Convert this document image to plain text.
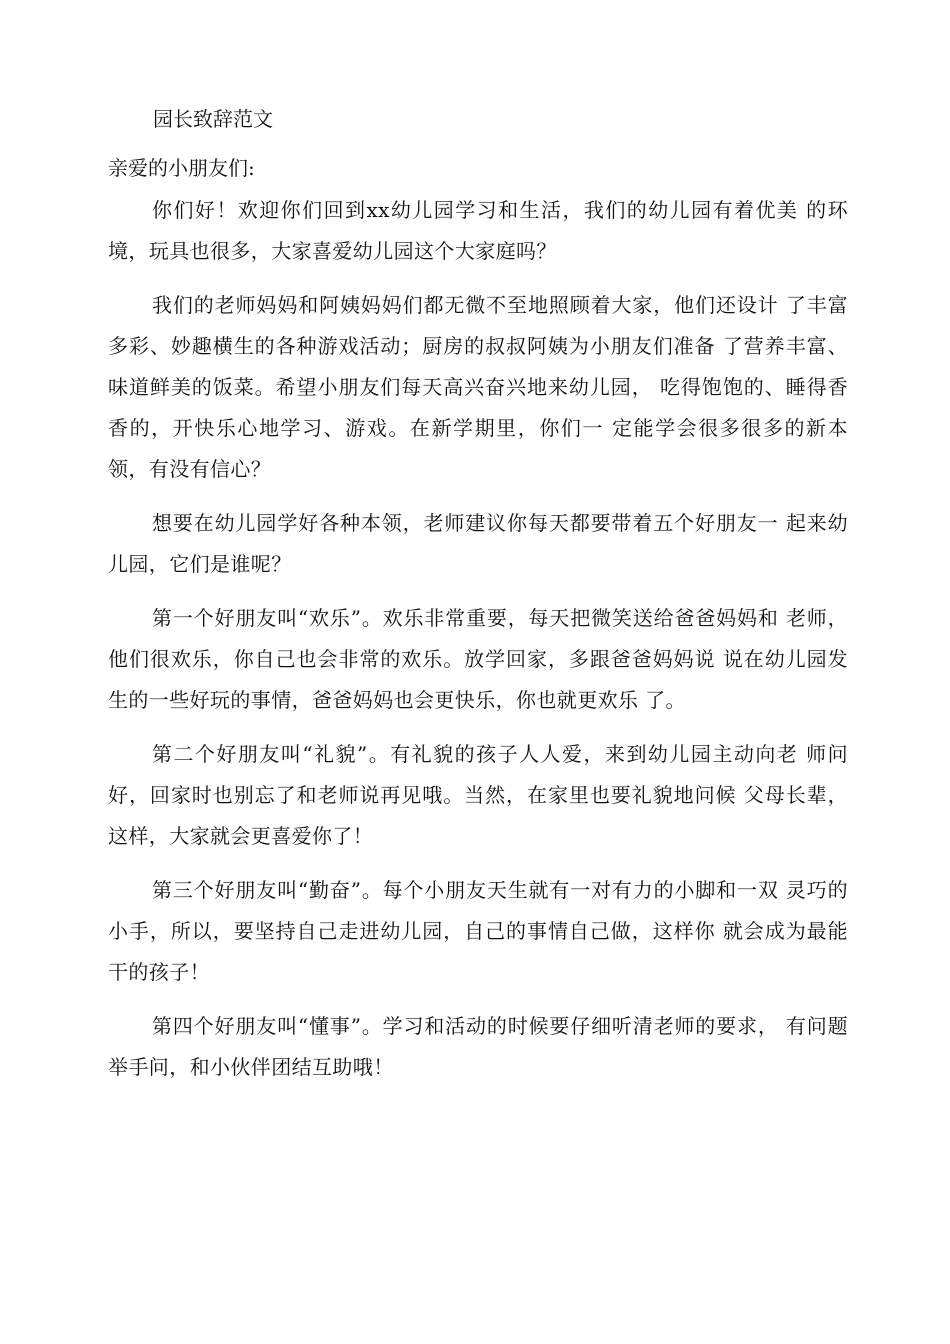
园长致辞范文
亲爱的小朋友们:

你们好！欢迎你们回到xx幼儿园学习和生活，我们的幼儿园有着优美 的环境，玩具也很多，大家喜爱幼儿园这个大家庭吗？

我们的老师妈妈和阿姨妈妈们都无微不至地照顾着大家，他们还设计 了丰富多彩、妙趣横生的各种游戏活动；厨房的叔叔阿姨为小朋友们准备 了营养丰富、味道鲜美的饭菜。希望小朋友们每天高兴奋兴地来幼儿园， 吃得饱饱的、睡得香香的，开快乐心地学习、游戏。在新学期里，你们一 定能学会很多很多的新本领，有没有信心？

想要在幼儿园学好各种本领，老师建议你每天都要带着五个好朋友一 起来幼儿园，它们是谁呢？

第一个好朋友叫“欢乐”。欢乐非常重要，每天把微笑送给爸爸妈妈和 老师，他们很欢乐，你自己也会非常的欢乐。放学回家，多跟爸爸妈妈说 说在幼儿园发生的一些好玩的事情，爸爸妈妈也会更快乐，你也就更欢乐 了。

第二个好朋友叫“礼貌”。有礼貌的孩子人人爱，来到幼儿园主动向老 师问好，回家时也别忘了和老师说再见哦。当然，在家里也要礼貌地问候 父母长辈，这样，大家就会更喜爱你了！

第三个好朋友叫“勤奋”。每个小朋友天生就有一对有力的小脚和一双 灵巧的小手，所以，要坚持自己走进幼儿园，自己的事情自己做，这样你 就会成为最能干的孩子！

第四个好朋友叫“懂事”。学习和活动的时候要仔细听清老师的要求， 有问题举手问，和小伙伴团结互助哦！
